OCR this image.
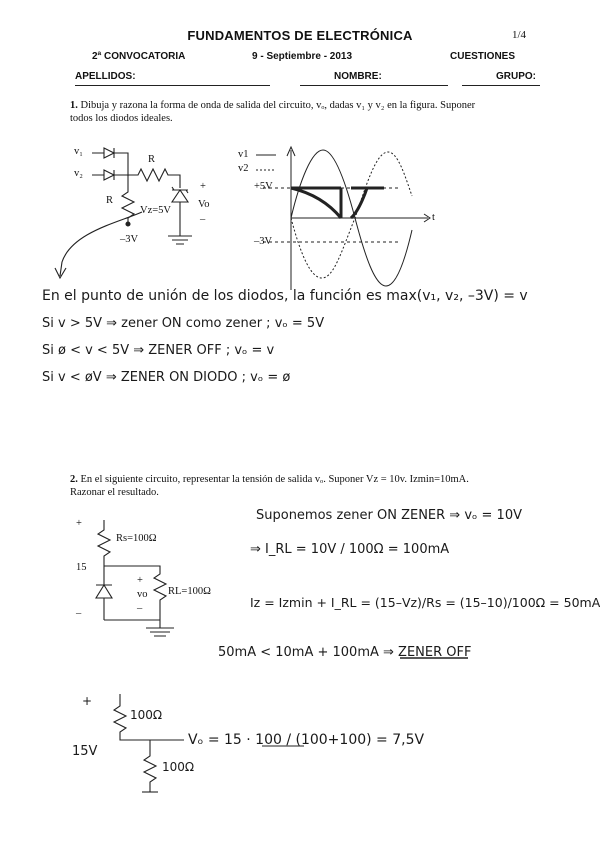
FUNDAMENTOS DE ELECTRÓNICA	1/4
2ª CONVOCATORIA	9 - Septiembre - 2013	CUESTIONES
APELLIDOS:	NOMBRE:	GRUPO:
1. Dibuja y razona la forma de onda de salida del circuito, vₒ, dadas v₁ y v₂ en la figura. Suponer
todos los diodos ideales.
v₁
v₂
R
R
Vz=5V
Vo
+
–
–3V
v1
v2
+5V
–3V
t
En el punto de unión de los diodos, la función es max(v₁, v₂, –3V) = v
Si v > 5V ⇒ zener ON como zener ; vₒ = 5V
Si ø < v < 5V ⇒ ZENER OFF ; vₒ = v
Si v < øV ⇒ ZENER ON DIODO ; vₒ = ø
2. En el siguiente circuito, representar la tensión de salida vₒ. Suponer Vz = 10v. Izmin=10mA.
Razonar el resultado.
+
15
–
Rs=100Ω
RL=100Ω
vo
+
–
Suponemos zener ON ZENER ⇒ vₒ = 10V
⇒ I_RL = 10V / 100Ω = 100mA
Iz = Izmin + I_RL = (15–Vz)/Rs = (15–10)/100Ω = 50mA
50mA < 10mA + 100mA ⇒ ZENER OFF
+
100Ω
100Ω
15V
Vₒ = 15 · 100 / (100+100) = 7,5V
